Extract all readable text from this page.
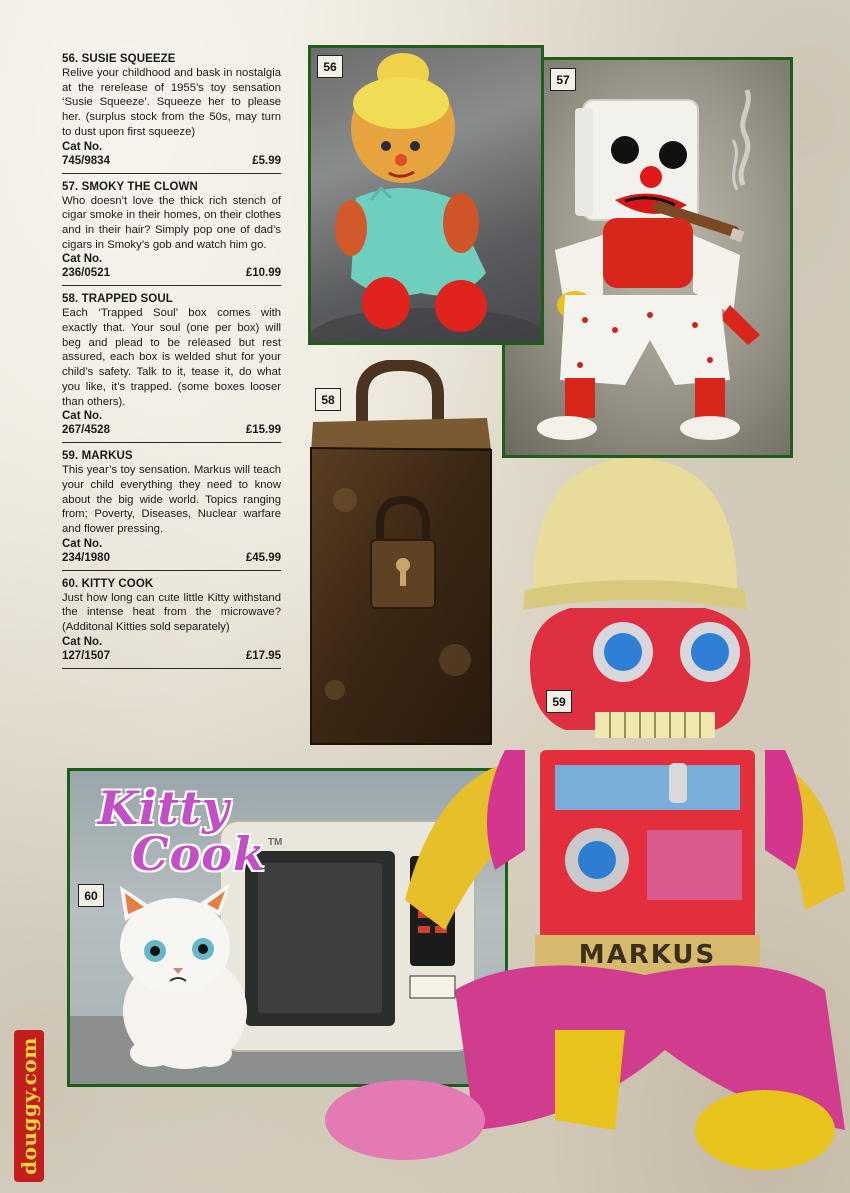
56. SUSIE SQUEEZE
Relive your childhood and bask in nostalgia at the rerelease of 1955’s toy sensation ‘Susie Squeeze’. Squeeze her to please her. (surplus stock from the 50s, may turn to dust upon first squeeze)
Cat No.
745/9834	£5.99
57. SMOKY THE CLOWN
Who doesn’t love the thick rich stench of cigar smoke in their homes, on their clothes and in their hair? Simply pop one of dad’s cigars in Smoky’s gob and watch him go.
Cat No.
236/0521	£10.99
58. TRAPPED SOUL
Each ‘Trapped Soul’ box comes with exactly that. Your soul (one per box) will beg and plead to be released but rest assured, each box is welded shut for your child’s safety. Talk to it, tease it, do what you like, it’s trapped. (some boxes looser than others).
Cat No.
267/4528	£15.99
59. MARKUS
This year’s toy sensation. Markus will teach your child everything they need to know about the big wide world. Topics ranging from; Poverty, Diseases, Nuclear warfare and flower pressing.
Cat No.
234/1980	£45.99
60. KITTY COOK
Just how long can cute little Kitty withstand the intense heat from the microwave? (Additonal Kitties sold separately)
Cat No.
127/1507	£17.95
57
56
58
Kitty
Cook TM
60
MARKUS
59
douggy.com
